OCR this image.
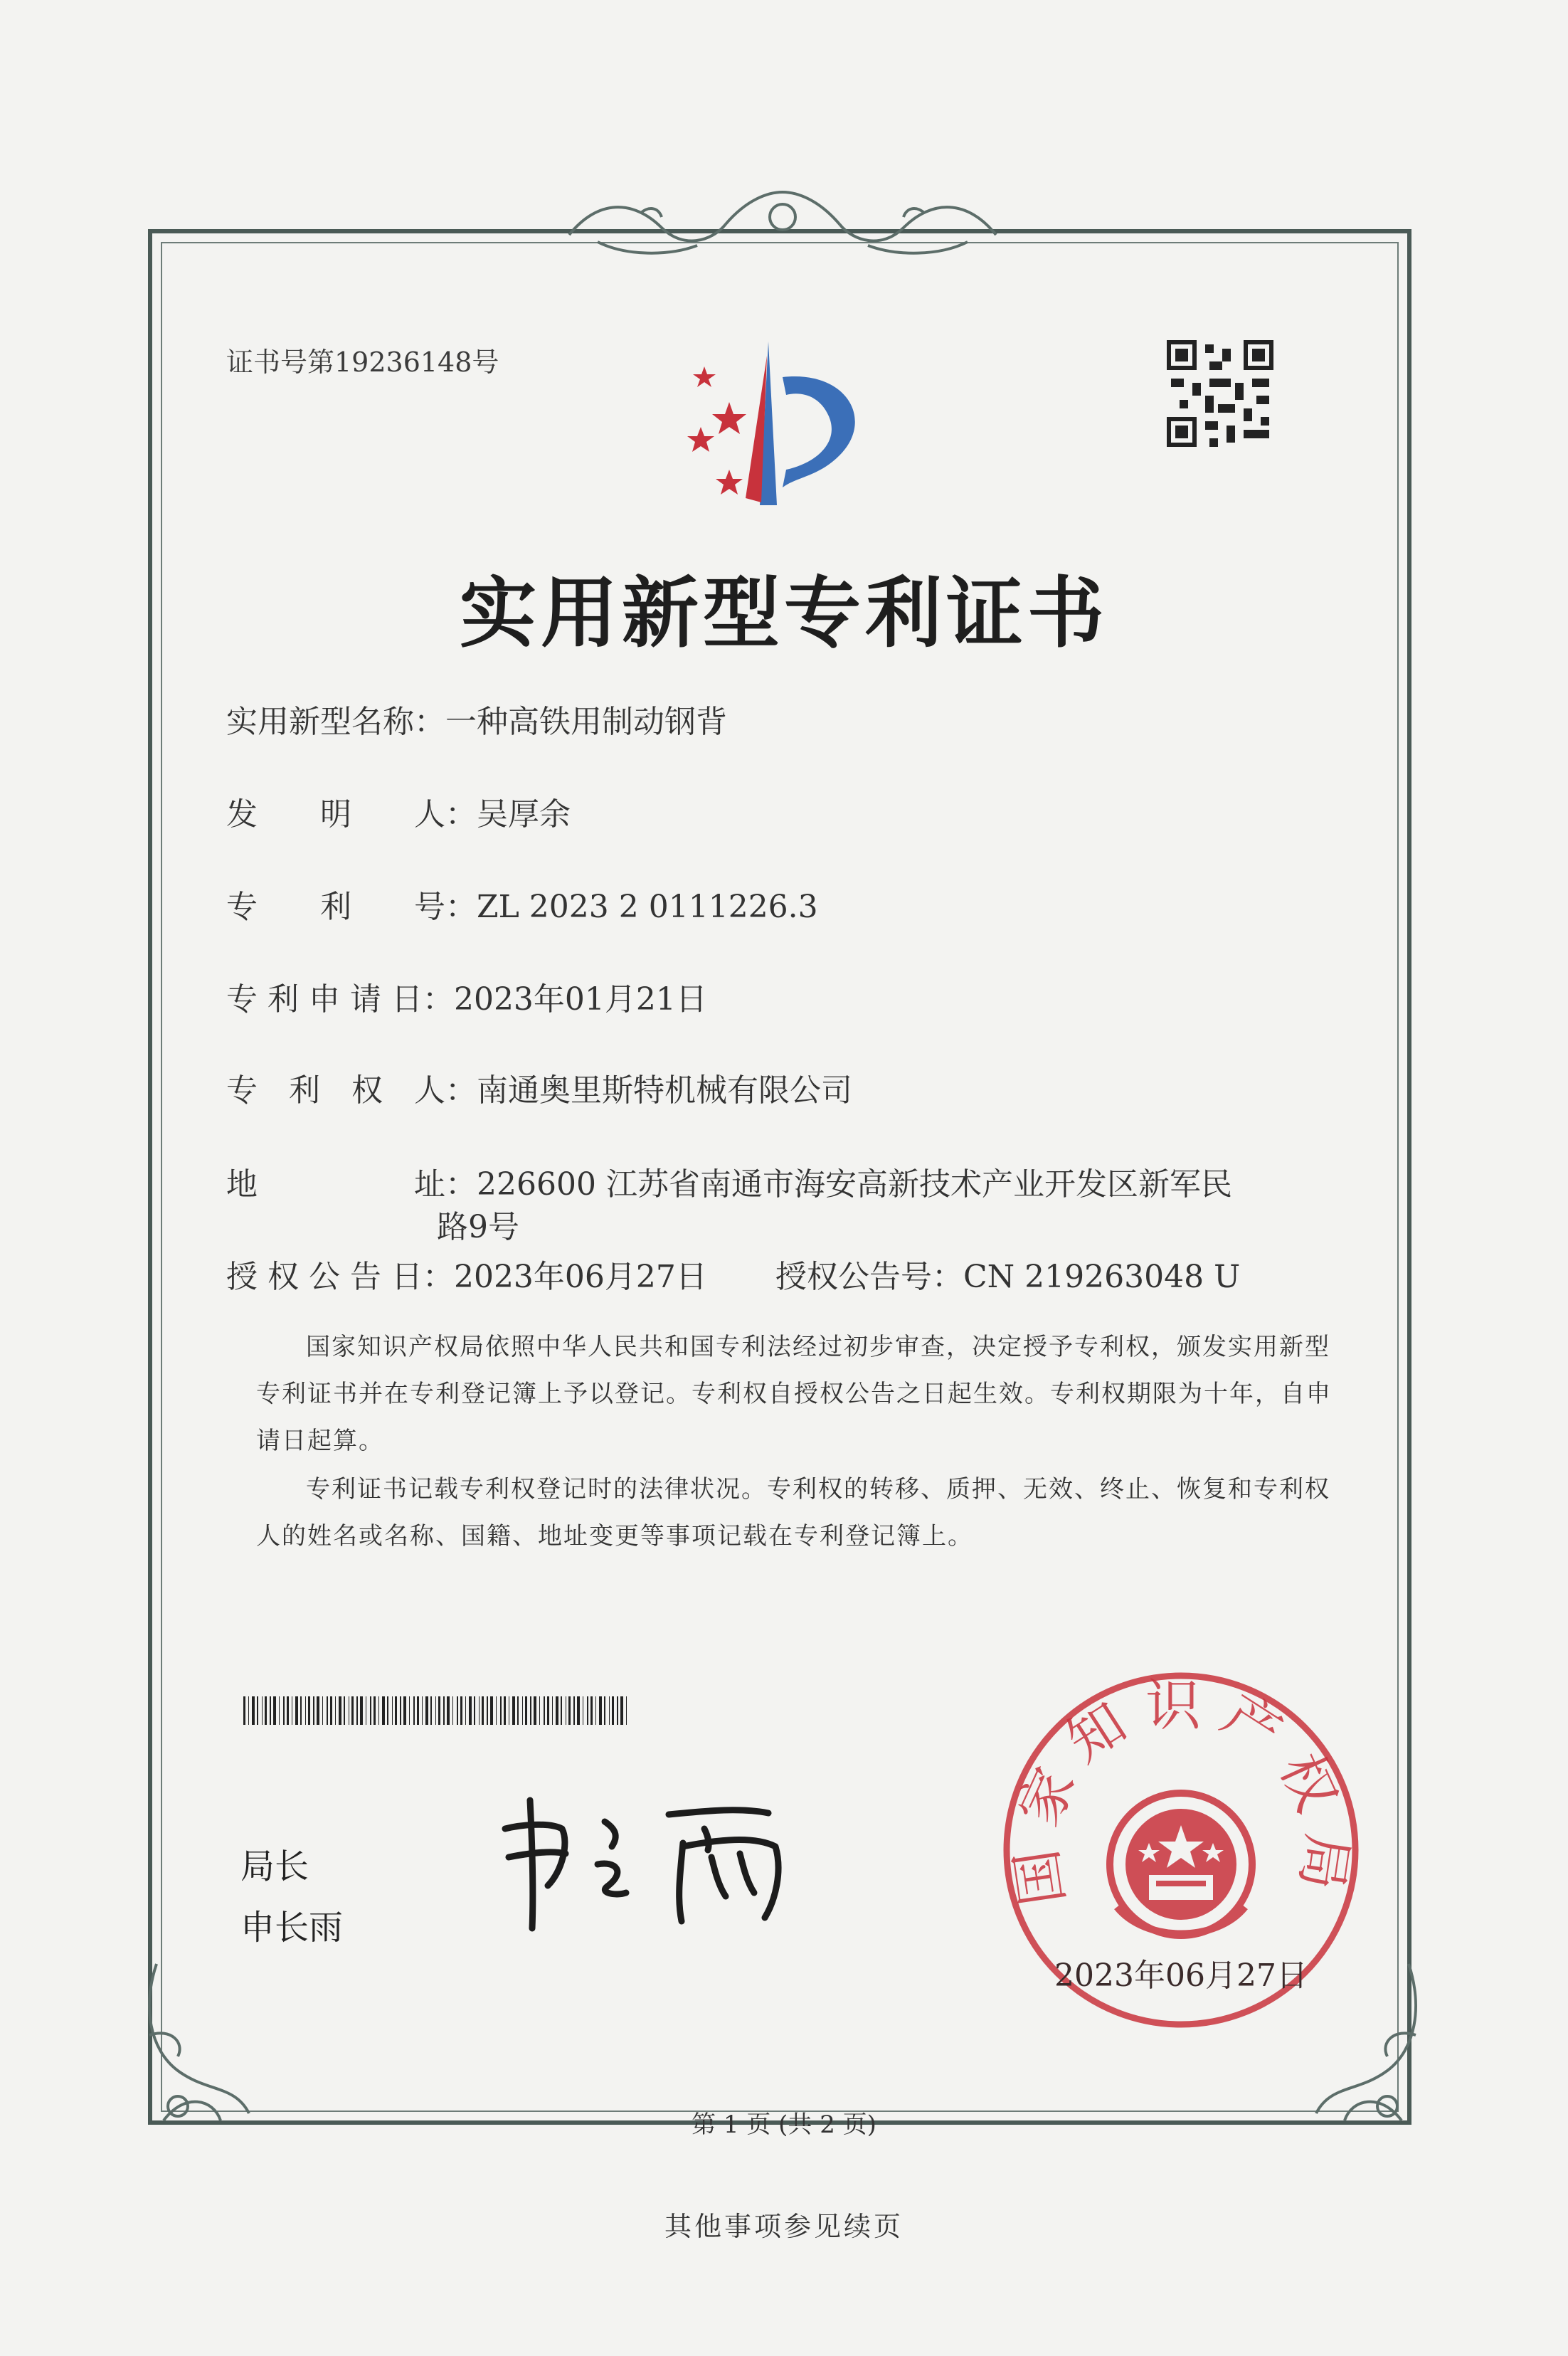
证书号第19236148号
实用新型专利证书
实用新型名称：一种高铁用制动钢背
发　　明　　人：吴厚余
专　　利　　号：ZL 2023 2 0111226.3
专 利 申 请 日：2023年01月21日
专　利　权　人：南通奥里斯特机械有限公司
地　　　　　址：226600 江苏省南通市海安高新技术产业开发区新军民
路9号
授 权 公 告 日：2023年06月27日 授权公告号：CN 219263048 U
国家知识产权局依照中华人民共和国专利法经过初步审查，决定授予专利权，颁发实用新型专利证书并在专利登记簿上予以登记。专利权自授权公告之日起生效。专利权期限为十年，自申请日起算。
专利证书记载专利权登记时的法律状况。专利权的转移、质押、无效、终止、恢复和专利权人的姓名或名称、国籍、地址变更等事项记载在专利登记簿上。
局长
申长雨
国家知识产权局
2023年06月27日
第 1 页 (共 2 页)
其他事项参见续页
